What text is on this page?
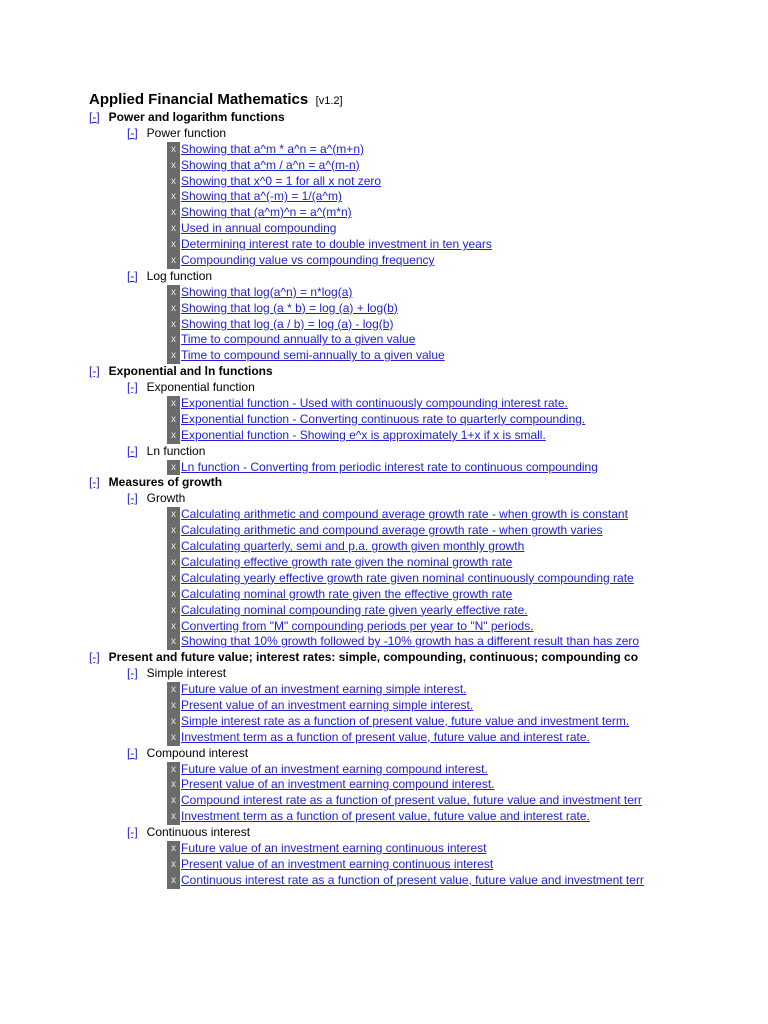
Applied Financial Mathematics [v1.2]
[-] Power and logarithm functions
[-] Power function
x Showing that a^m * a^n = a^(m+n)
x Showing that a^m / a^n = a^(m-n)
x Showing that x^0 = 1 for all x not zero
x Showing that a^(-m) = 1/(a^m)
x Showing that (a^m)^n = a^(m*n)
x Used in annual compounding
x Determining interest rate to double investment in ten years
x Compounding value vs compounding frequency
[-] Log function
x Showing that log(a^n) = n*log(a)
x Showing that log (a * b) = log (a) + log(b)
x Showing that log (a / b) = log (a) - log(b)
x Time to compound annually to a given value
x Time to compound semi-annually to a given value
[-] Exponential and ln functions
[-] Exponential function
x Exponential function - Used with continuously compounding interest rate.
x Exponential function - Converting continuous rate to quarterly compounding.
x Exponential function - Showing e^x is approximately 1+x if x is small.
[-] Ln function
x Ln function - Converting from periodic interest rate to continuous compounding
[-] Measures of growth
[-] Growth
x Calculating arithmetic and compound average growth rate - when growth is constant
x Calculating arithmetic and compound average growth rate - when growth varies
x Calculating quarterly, semi and p.a. growth given monthly growth
x Calculating effective growth rate given the nominal growth rate
x Calculating yearly effective growth rate given nominal continuously compounding rate
x Calculating nominal growth rate given the effective growth rate
x Calculating nominal compounding rate given yearly effective rate.
x Converting from "M" compounding periods per year to "N" periods.
x Showing that 10% growth followed by -10% growth has a different result than has zero
[-] Present and future value; interest rates: simple, compounding, continuous; compounding co
[-] Simple interest
x Future value of an investment earning simple interest.
x Present value of an investment earning simple interest.
x Simple interest rate as a function of present value, future value and investment term.
x Investment term as a function of present value, future value and interest rate.
[-] Compound interest
x Future value of an investment earning compound interest.
x Present value of an investment earning compound interest.
x Compound interest rate as a function of present value, future value and investment terr
x Investment term as a function of present value, future value and interest rate.
[-] Continuous interest
x Future value of an investment earning continuous interest
x Present value of an investment earning continuous interest
x Continuous interest rate as a function of present value, future value and investment terr
